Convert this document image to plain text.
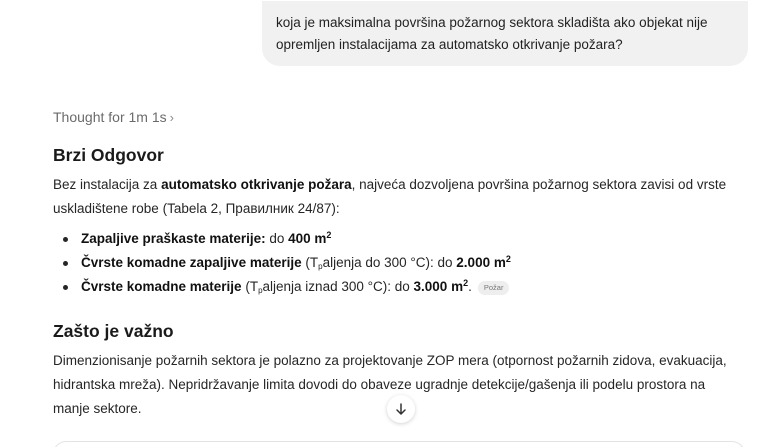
koja je maksimalna površina požarnog sektora skladišta ako objekat nije opremljen instalacijama za automatsko otkrivanje požara?
Thought for 1m 1s ›
Brzi Odgovor
Bez instalacija za automatsko otkrivanje požara, najveća dozvoljena površina požarnog sektora zavisi od vrste uskladištene robe (Tabela 2, Правилник 24/87):
Zapaljive praškaste materije: do 400 $m^2$
Čvrste komadne zapaljive materije ($T_paljenja$ do 300 °C): do 2.000 $m^2$
Čvrste komadne materije ($T_paljenja$ iznad 300 °C): do 3.000 $m^2$. Požar
Zašto je važno
Dimenzionisanje požarnih sektora je polazno za projektovanje ZOP mera (otpornost požarnih zidova, evakuacija, hidrantska mreža). Nepridržavanje limita dovodi do obaveze ugradnje detekcije/gašenja ili podelu prostora na manje sektore.
